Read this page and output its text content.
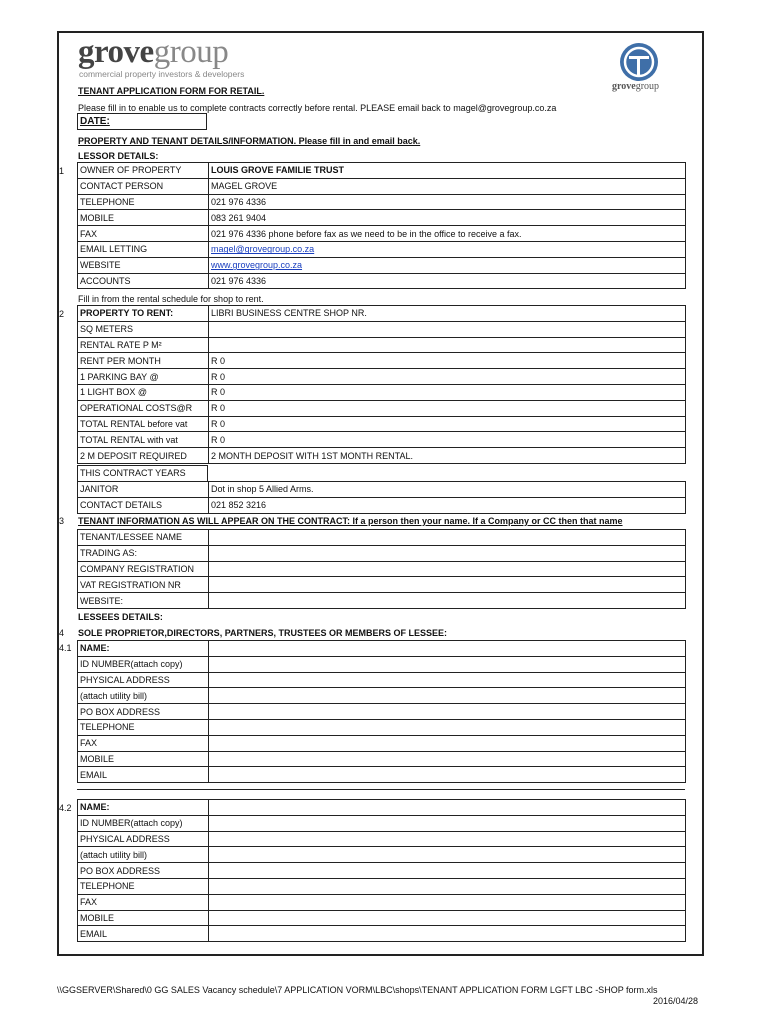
grovegroup
commercial property investors & developers
grovegroup
TENANT APPLICATION FORM FOR RETAIL.
Please fill in to enable us to complete contracts correctly before rental. PLEASE email back to magel@grovegroup.co.za
DATE:
PROPERTY AND TENANT DETAILS/INFORMATION. Please fill in and email back.
LESSOR DETAILS:
1 OWNER OF PROPERTY	LOUIS GROVE FAMILIE TRUST
CONTACT PERSON	MAGEL GROVE
TELEPHONE	021 976 4336
MOBILE	083 261 9404
FAX	021 976 4336 phone before fax as we need to be in the office to receive a fax.
EMAIL LETTING	magel@grovegroup.co.za
WEBSITE	www.grovegroup.co.za
ACCOUNTS	021 976 4336
Fill in from the rental schedule for shop to rent.
2 PROPERTY TO RENT:	LIBRI BUSINESS CENTRE SHOP NR.
SQ METERS	
RENTAL RATE P M²	
RENT PER MONTH	R 0
1 PARKING BAY @	R 0
1 LIGHT BOX @	R 0
OPERATIONAL COSTS@R	R 0
TOTAL RENTAL before vat	R 0
TOTAL RENTAL with vat	R 0
2 M DEPOSIT REQUIRED	2 MONTH DEPOSIT WITH 1ST MONTH RENTAL.
THIS CONTRACT YEARS
JANITOR	Dot in shop 5 Allied Arms.
CONTACT DETAILS	021 852 3216
3 TENANT INFORMATION AS WILL APPEAR ON THE CONTRACT: If a person then your name. If a Company or CC then that name
TENANT/LESSEE NAME	
TRADING AS:	
COMPANY REGISTRATION	
VAT REGISTRATION NR	
WEBSITE:	
LESSEES DETAILS:
4 SOLE PROPRIETOR,DIRECTORS, PARTNERS, TRUSTEES OR MEMBERS OF LESSEE:
4.1 NAME:	
ID NUMBER(attach copy)	
PHYSICAL ADDRESS	
(attach utility bill)	
PO BOX ADDRESS	
TELEPHONE	
FAX	
MOBILE	
EMAIL	
4.2 NAME:	
ID NUMBER(attach copy)	
PHYSICAL ADDRESS	
(attach utility bill)	
PO BOX ADDRESS	
TELEPHONE	
FAX	
MOBILE	
EMAIL	
\\GGSERVER\Shared\0 GG SALES Vacancy schedule\7 APPLICATION VORM\LBC\shops\TENANT APPLICATION FORM LGFT LBC -SHOP form.xls
2016/04/28
